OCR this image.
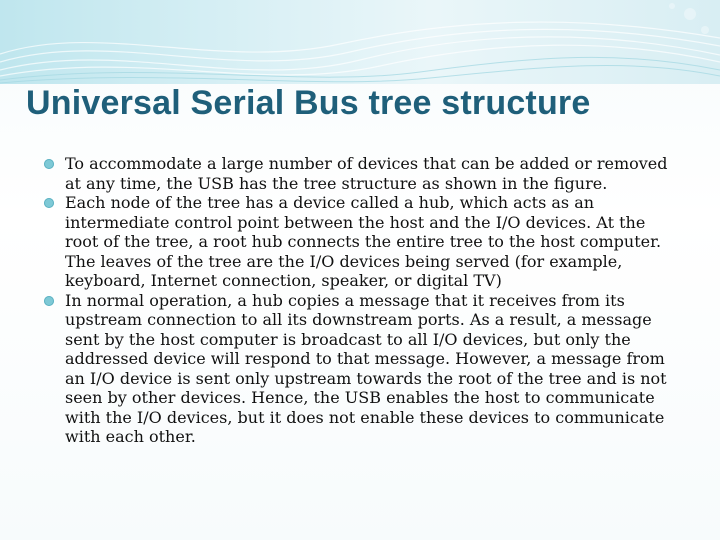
Universal Serial Bus tree structure
To accommodate a large number of devices that can be added or removed at any time, the USB has the tree structure as shown in the figure.
Each node of the tree has a device called a hub, which acts as an intermediate control point between the host and the I/O devices. At the root of the tree, a root hub connects the entire tree to the host computer. The leaves of the tree are the I/O devices being served (for example, keyboard, Internet connection, speaker, or digital TV)
In normal operation, a hub copies a message that it receives from its upstream connection to all its downstream ports. As a result, a message sent by the host computer is broadcast to all I/O devices, but only the addressed device will respond to that message. However, a message from an I/O device is sent only upstream towards the root of the tree and is not seen by other devices. Hence, the USB enables the host to communicate with the I/O devices, but it does not enable these devices to communicate with each other.
